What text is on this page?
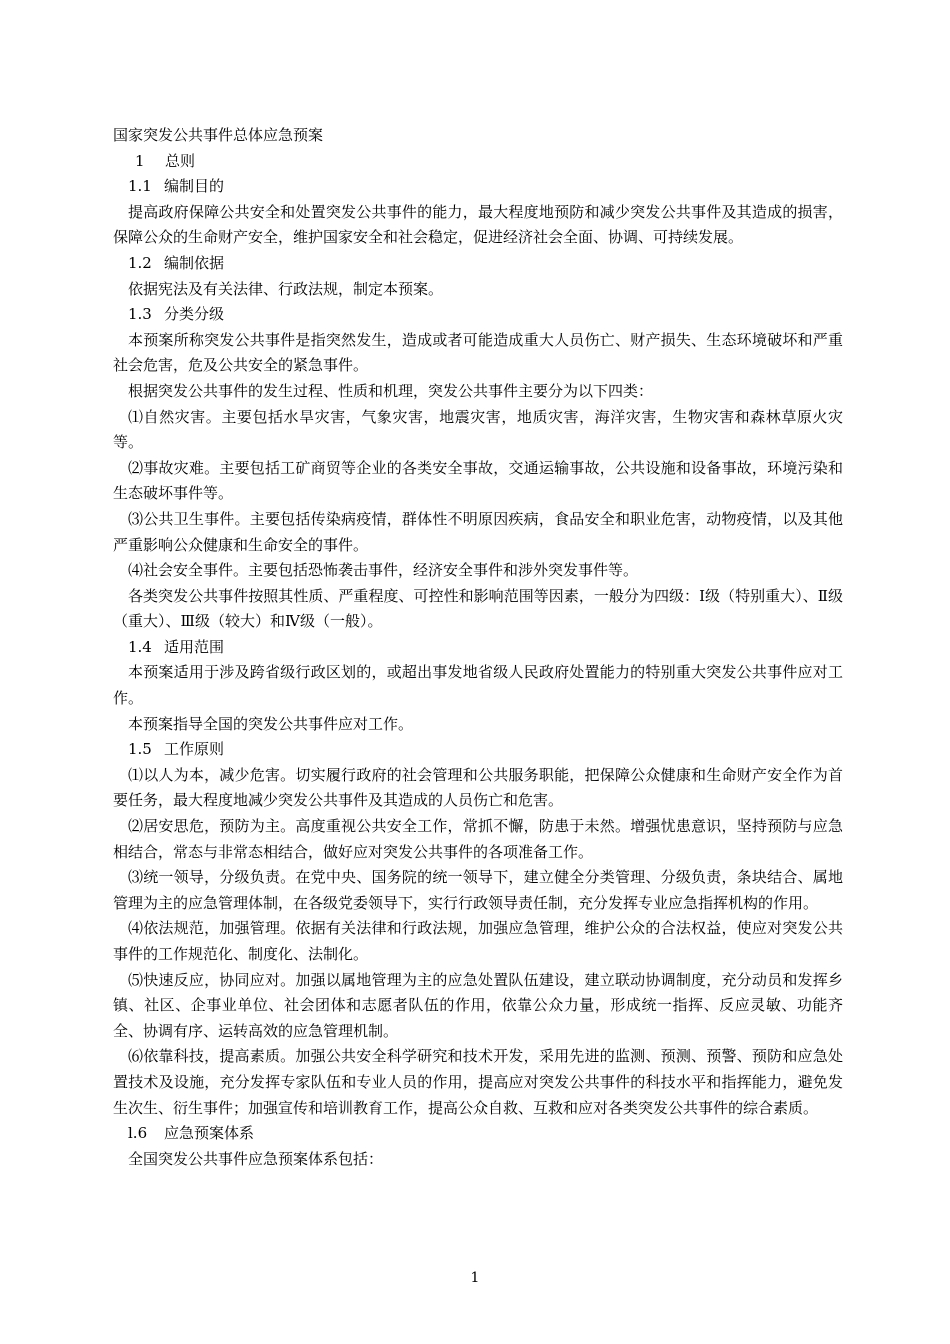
国家突发公共事件总体应急预案

1 总则

1.1 编制目的

提高政府保障公共安全和处置突发公共事件的能力，最大程度地预防和减少突发公共事件及其造成的损害，保障公众的生命财产安全，维护国家安全和社会稳定，促进经济社会全面、协调、可持续发展。

1.2 编制依据

依据宪法及有关法律、行政法规，制定本预案。

1.3 分类分级

本预案所称突发公共事件是指突然发生，造成或者可能造成重大人员伤亡、财产损失、生态环境破坏和严重社会危害，危及公共安全的紧急事件。

根据突发公共事件的发生过程、性质和机理，突发公共事件主要分为以下四类：

⑴自然灾害。主要包括水旱灾害，气象灾害，地震灾害，地质灾害，海洋灾害，生物灾害和森林草原火灾等。

⑵事故灾难。主要包括工矿商贸等企业的各类安全事故，交通运输事故，公共设施和设备事故，环境污染和生态破坏事件等。

⑶公共卫生事件。主要包括传染病疫情，群体性不明原因疾病，食品安全和职业危害，动物疫情，以及其他严重影响公众健康和生命安全的事件。

⑷社会安全事件。主要包括恐怖袭击事件，经济安全事件和涉外突发事件等。

各类突发公共事件按照其性质、严重程度、可控性和影响范围等因素，一般分为四级：Ⅰ级（特别重大）、Ⅱ级（重大）、Ⅲ级（较大）和Ⅳ级（一般）。

1.4 适用范围

本预案适用于涉及跨省级行政区划的，或超出事发地省级人民政府处置能力的特别重大突发公共事件应对工作。

本预案指导全国的突发公共事件应对工作。

1.5 工作原则

⑴以人为本，减少危害。切实履行政府的社会管理和公共服务职能，把保障公众健康和生命财产安全作为首要任务，最大程度地减少突发公共事件及其造成的人员伤亡和危害。

⑵居安思危，预防为主。高度重视公共安全工作，常抓不懈，防患于未然。增强忧患意识，坚持预防与应急相结合，常态与非常态相结合，做好应对突发公共事件的各项准备工作。

⑶统一领导，分级负责。在党中央、国务院的统一领导下，建立健全分类管理、分级负责，条块结合、属地管理为主的应急管理体制，在各级党委领导下，实行行政领导责任制，充分发挥专业应急指挥机构的作用。

⑷依法规范，加强管理。依据有关法律和行政法规，加强应急管理，维护公众的合法权益，使应对突发公共事件的工作规范化、制度化、法制化。

⑸快速反应，协同应对。加强以属地管理为主的应急处置队伍建设，建立联动协调制度，充分动员和发挥乡镇、社区、企事业单位、社会团体和志愿者队伍的作用，依靠公众力量，形成统一指挥、反应灵敏、功能齐全、协调有序、运转高效的应急管理机制。

⑹依靠科技，提高素质。加强公共安全科学研究和技术开发，采用先进的监测、预测、预警、预防和应急处置技术及设施，充分发挥专家队伍和专业人员的作用，提高应对突发公共事件的科技水平和指挥能力，避免发生次生、衍生事件；加强宣传和培训教育工作，提高公众自救、互救和应对各类突发公共事件的综合素质。

l.6 应急预案体系

全国突发公共事件应急预案体系包括：

1
